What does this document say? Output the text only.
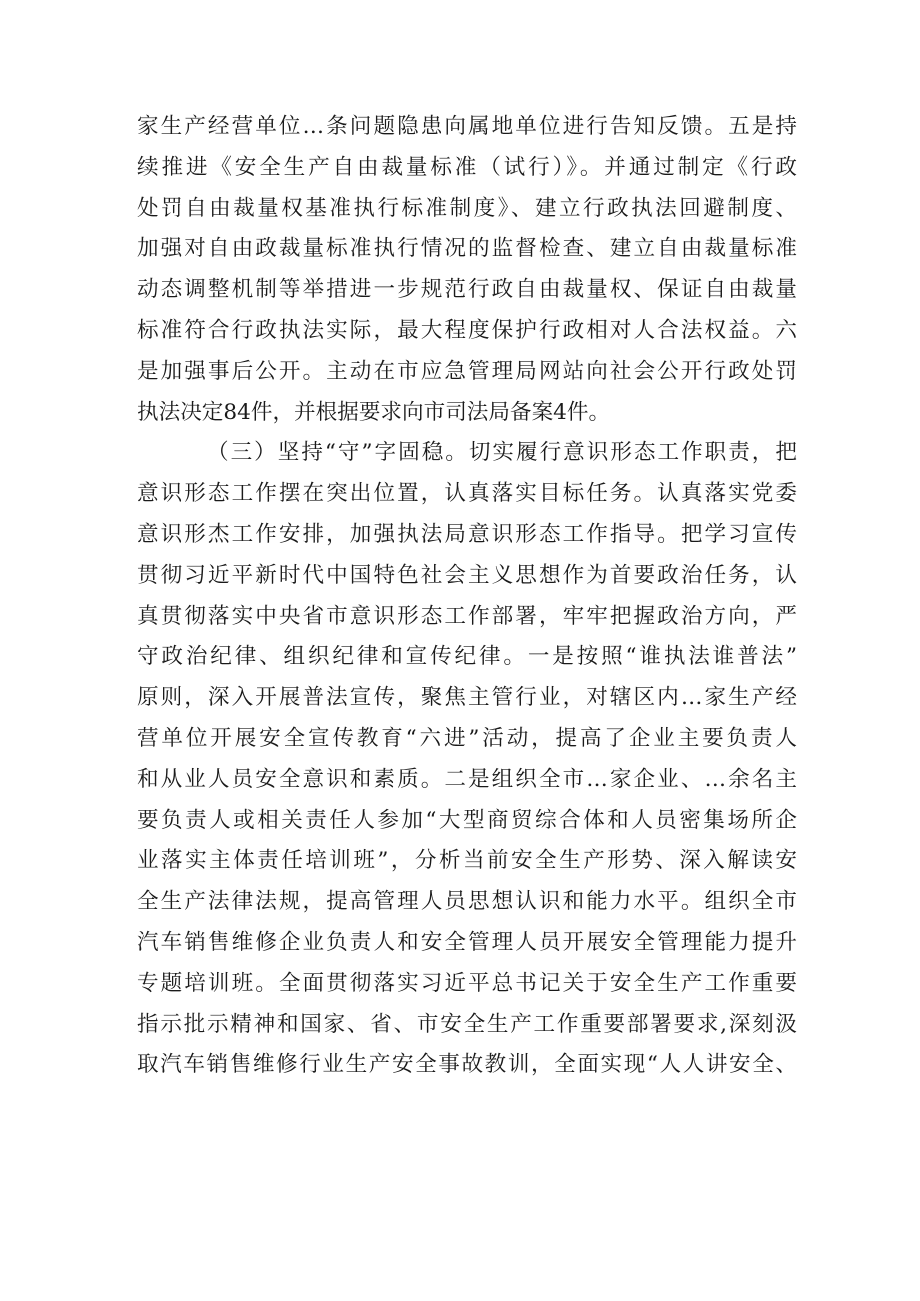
家生产经营单位…条问题隐患向属地单位进行告知反馈。五是持
续推进《安全生产自由裁量标准（试行）》。并通过制定《行政
处罚自由裁量权基准执行标准制度》、建立行政执法回避制度、
加强对自由政裁量标准执行情况的监督检查、建立自由裁量标准
动态调整机制等举措进一步规范行政自由裁量权、保证自由裁量
标准符合行政执法实际，最大程度保护行政相对人合法权益。六
是加强事后公开。主动在市应急管理局网站向社会公开行政处罚
执法决定84件，并根据要求向市司法局备案4件。
（三）坚持“守”字固稳。切实履行意识形态工作职责，把
意识形态工作摆在突出位置，认真落实目标任务。认真落实党委
意识形杰工作安排，加强执法局意识形态工作指导。把学习宣传
贯彻习近平新时代中国特色社会主义思想作为首要政治任务，认
真贯彻落实中央省市意识形态工作部署，牢牢把握政治方向，严
守政治纪律、组织纪律和宣传纪律。一是按照“谁执法谁普法”
原则，深入开展普法宣传，聚焦主管行业，对辖区内…家生产经
营单位开展安全宣传教育“六进”活动，提高了企业主要负责人
和从业人员安全意识和素质。二是组织全市…家企业、…余名主
要负责人或相关责任人参加“大型商贸综合体和人员密集场所企
业落实主体责任培训班”，分析当前安全生产形势、深入解读安
全生产法律法规，提高管理人员思想认识和能力水平。组织全市
汽车销售维修企业负责人和安全管理人员开展安全管理能力提升
专题培训班。全面贯彻落实习近平总书记关于安全生产工作重要
指示批示精神和国家、省、市安全生产工作重要部署要求,深刻汲
取汽车销售维修行业生产安全事故教训，全面实现“人人讲安全、
